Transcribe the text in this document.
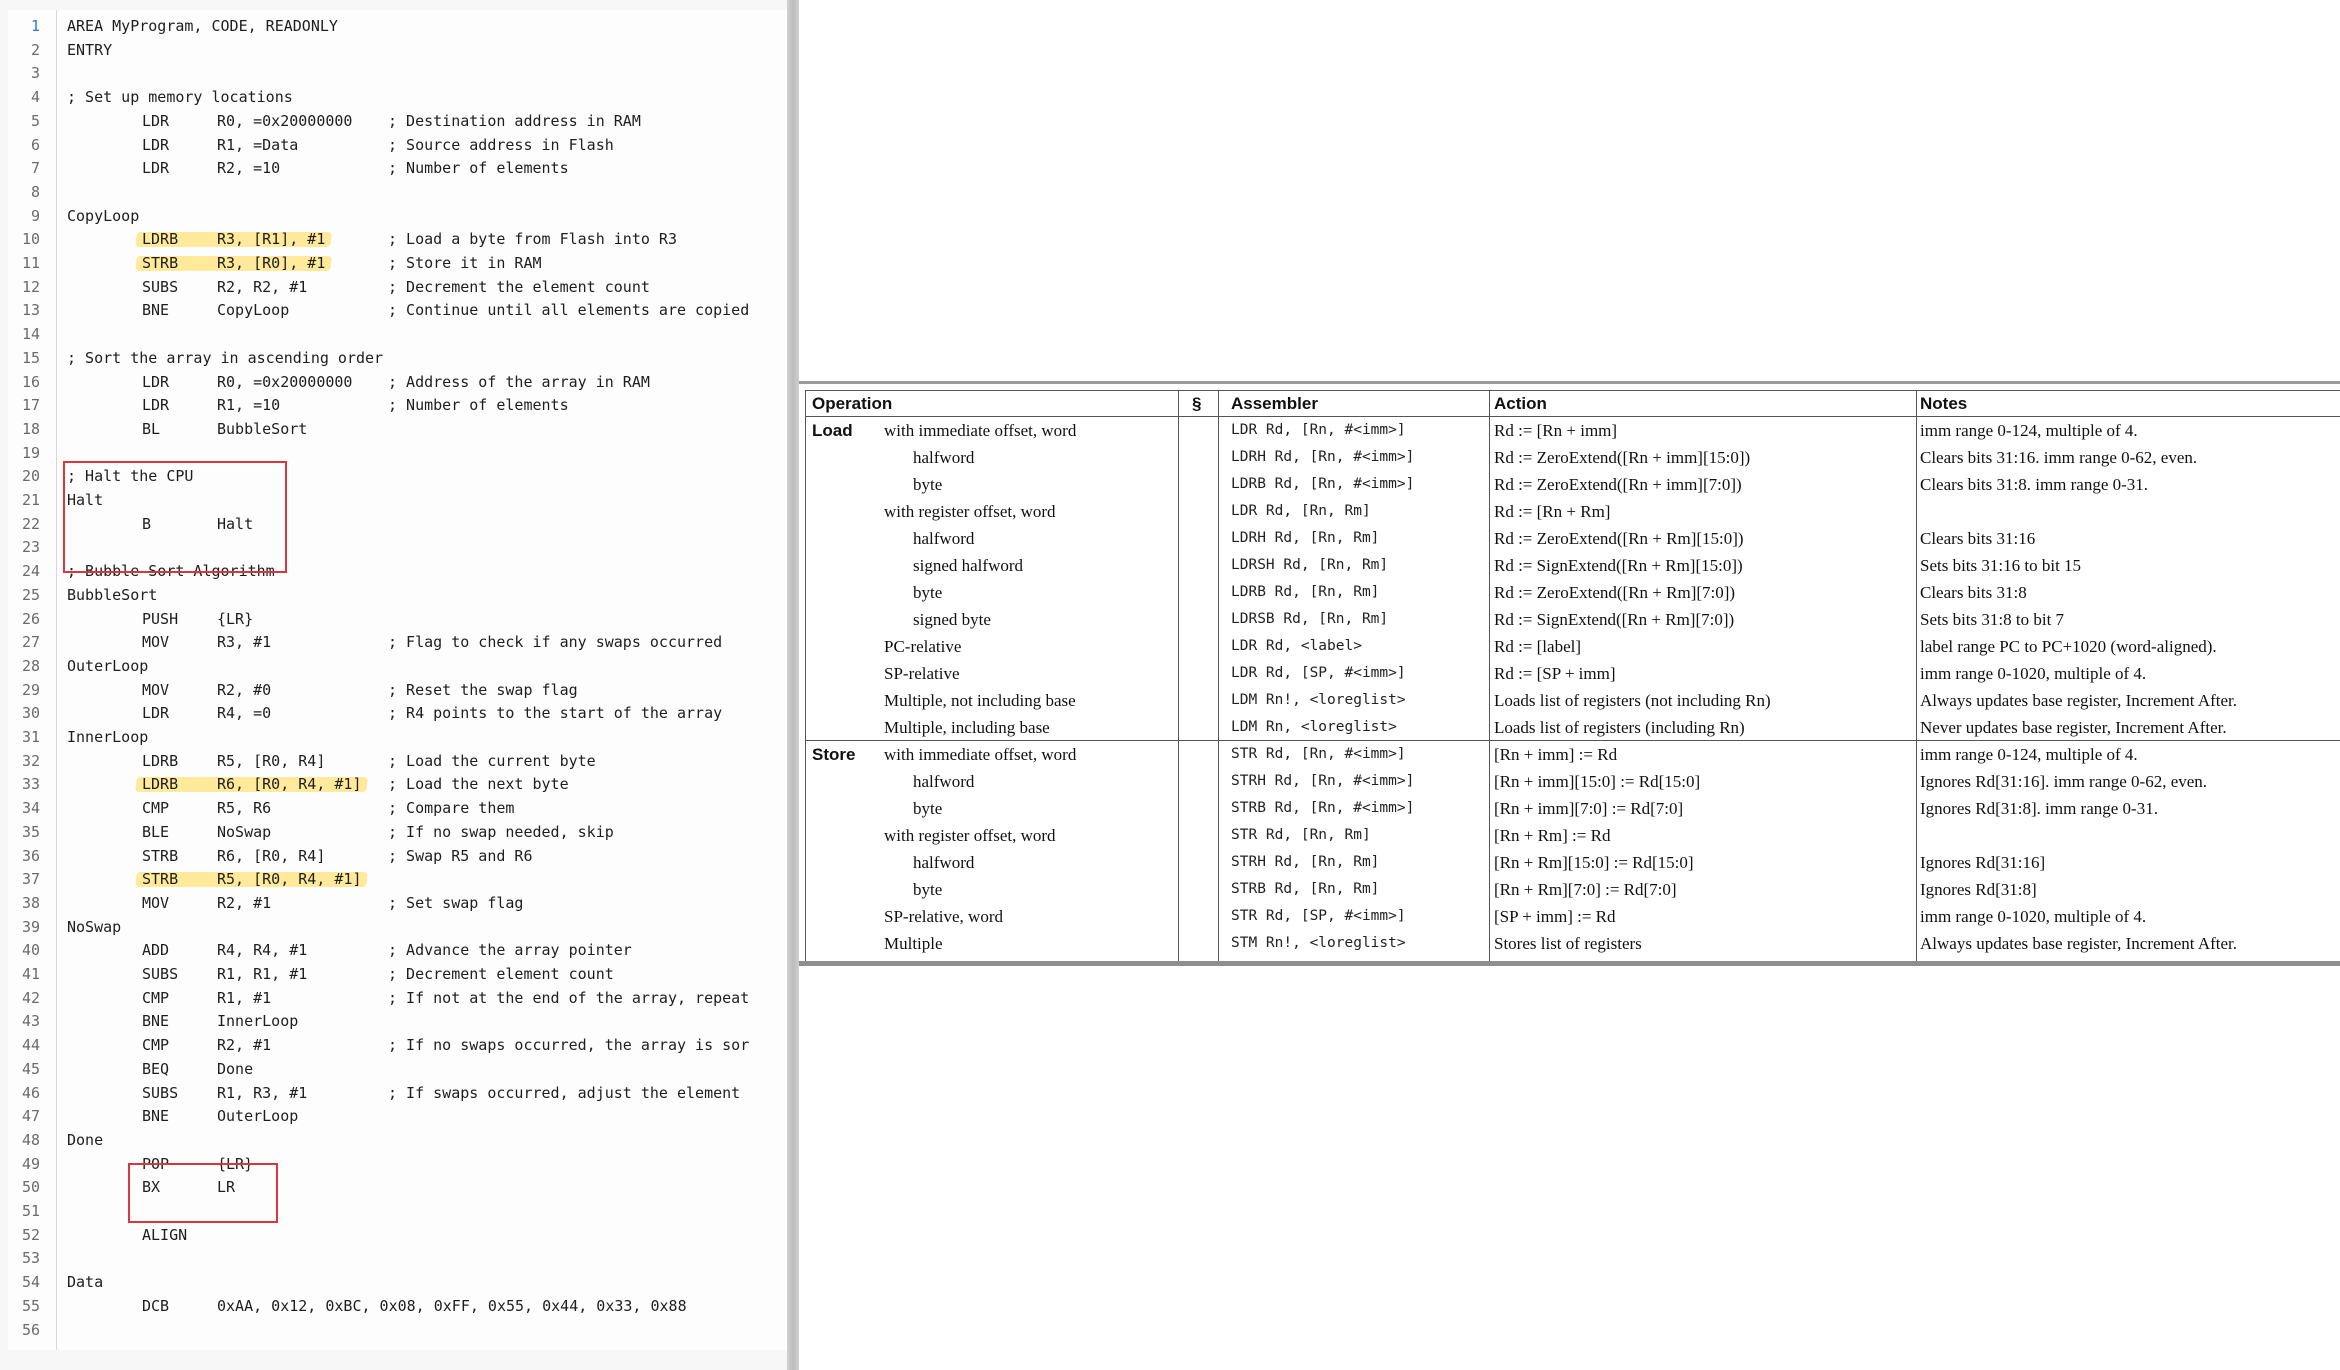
1 AREA MyProgram, CODE, READONLY
2 ENTRY
3
4 ; Set up memory locations
5	LDR	R0, =0x20000000 ; Destination address in RAM
6	LDR	R1, =Data	; Source address in Flash
7	LDR	R2, =10	; Number of elements
8
9 CopyLoop
10	LDRB	R3, [R1], #1	; Load a byte from Flash into R3
11	STRB	R3, [R0], #1	; Store it in RAM
12	SUBS	R2, R2, #1	; Decrement the element count
13	BNE	CopyLoop	; Continue until all elements are copied
14
15 ; Sort the array in ascending order
16	LDR	R0, =0x20000000 ; Address of the array in RAM
17	LDR	R1, =10	; Number of elements
18	BL	BubbleSort
19
20 ; Halt the CPU
21 Halt
22	B	Halt
23
24 ; Bubble Sort Algorithm
25 BubbleSort
26	PUSH	{LR}
27	MOV	R3, #1	; Flag to check if any swaps occurred
28 OuterLoop
29	MOV	R2, #0	; Reset the swap flag
30	LDR	R4, =0	; R4 points to the start of the array
31 InnerLoop
32	LDRB	R5, [R0, R4]	; Load the current byte
33	LDRB	R6, [R0, R4, #1] ; Load the next byte
34	CMP	R5, R6	; Compare them
35	BLE	NoSwap	; If no swap needed, skip
36	STRB	R6, [R0, R4]	; Swap R5 and R6
37	STRB	R5, [R0, R4, #1]
38	MOV	R2, #1	; Set swap flag
39 NoSwap
40	ADD	R4, R4, #1	; Advance the array pointer
41	SUBS	R1, R1, #1	; Decrement element count
42	CMP	R1, #1	; If not at the end of the array, repeat
43	BNE	InnerLoop
44	CMP	R2, #1	; If no swaps occurred, the array is sor
45	BEQ	Done
46	SUBS	R1, R3, #1	; If swaps occurred, adjust the element
47	BNE	OuterLoop
48 Done
49	POP	{LR}
50	BX	LR
51
52	ALIGN
53
54 Data
55	DCB	0xAA, 0x12, 0xBC, 0x08, 0xFF, 0x55, 0x44, 0x33, 0x88
56
Operation	§ Assembler	Action	Notes
Load with immediate offset, word	LDR Rd, [Rn, #<imm>]	Rd := [Rn + imm]	imm range 0-124, multiple of 4.
halfword	LDRH Rd, [Rn, #<imm>]	Rd := ZeroExtend([Rn + imm][15:0])	Clears bits 31:16. imm range 0-62, even.
byte	LDRB Rd, [Rn, #<imm>]	Rd := ZeroExtend([Rn + imm][7:0])	Clears bits 31:8. imm range 0-31.
with register offset, word	LDR Rd, [Rn, Rm]	Rd := [Rn + Rm]
halfword	LDRH Rd, [Rn, Rm]	Rd := ZeroExtend([Rn + Rm][15:0])	Clears bits 31:16
signed halfword	LDRSH Rd, [Rn, Rm]	Rd := SignExtend([Rn + Rm][15:0])	Sets bits 31:16 to bit 15
byte	LDRB Rd, [Rn, Rm]	Rd := ZeroExtend([Rn + Rm][7:0])	Clears bits 31:8
signed byte	LDRSB Rd, [Rn, Rm]	Rd := SignExtend([Rn + Rm][7:0])	Sets bits 31:8 to bit 7
PC-relative	LDR Rd, <label>	Rd := [label]	label range PC to PC+1020 (word-aligned).
SP-relative	LDR Rd, [SP, #<imm>]	Rd := [SP + imm]	imm range 0-1020, multiple of 4.
Multiple, not including base	LDM Rn!, <loreglist>	Loads list of registers (not including Rn)	Always updates base register, Increment After.
Multiple, including base	LDM Rn, <loreglist>	Loads list of registers (including Rn)	Never updates base register, Increment After.
Store with immediate offset, word	STR Rd, [Rn, #<imm>]	[Rn + imm] := Rd	imm range 0-124, multiple of 4.
halfword	STRH Rd, [Rn, #<imm>]	[Rn + imm][15:0] := Rd[15:0]	Ignores Rd[31:16]. imm range 0-62, even.
byte	STRB Rd, [Rn, #<imm>]	[Rn + imm][7:0] := Rd[7:0]	Ignores Rd[31:8]. imm range 0-31.
with register offset, word	STR Rd, [Rn, Rm]	[Rn + Rm] := Rd
halfword	STRH Rd, [Rn, Rm]	[Rn + Rm][15:0] := Rd[15:0]	Ignores Rd[31:16]
byte	STRB Rd, [Rn, Rm]	[Rn + Rm][7:0] := Rd[7:0]	Ignores Rd[31:8]
SP-relative, word	STR Rd, [SP, #<imm>]	[SP + imm] := Rd	imm range 0-1020, multiple of 4.
Multiple	STM Rn!, <loreglist>	Stores list of registers	Always updates base register, Increment After.
